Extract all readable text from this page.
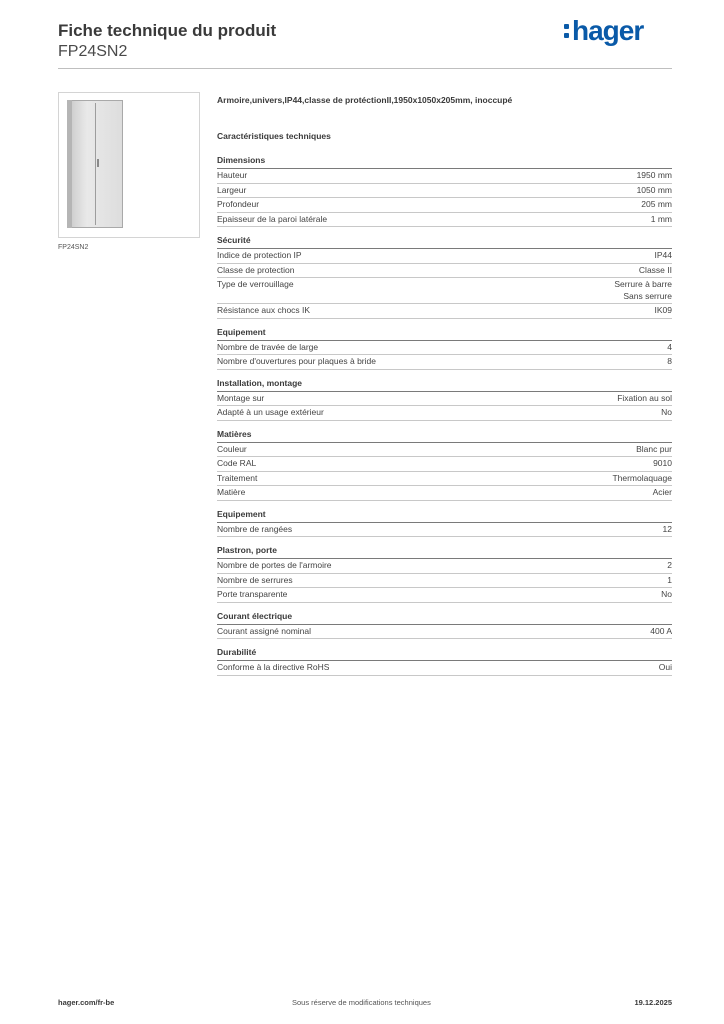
Fiche technique du produit
FP24SN2
hager
FP24SN2
Armoire,univers,IP44,classe de protéctionII,1950x1050x205mm, inoccupé
Caractéristiques techniques
Dimensions
Hauteur	1950 mm
Largeur	1050 mm
Profondeur	205 mm
Epaisseur de la paroi latérale	1 mm
Sécurité
Indice de protection IP	IP44
Classe de protection	Classe II
Type de verrouillage	Serrure à barre
Sans serrure
Résistance aux chocs IK	IK09
Equipement
Nombre de travée de large	4
Nombre d'ouvertures pour plaques à bride	8
Installation, montage
Montage sur	Fixation au sol
Adapté à un usage extérieur	No
Matières
Couleur	Blanc pur
Code RAL	9010
Traitement	Thermolaquage
Matière	Acier
Equipement
Nombre de rangées	12
Plastron, porte
Nombre de portes de l'armoire	2
Nombre de serrures	1
Porte transparente	No
Courant électrique
Courant assigné nominal	400 A
Durabilité
Conforme à la directive RoHS	Oui
hager.com/fr-be	Sous réserve de modifications techniques	19.12.2025
